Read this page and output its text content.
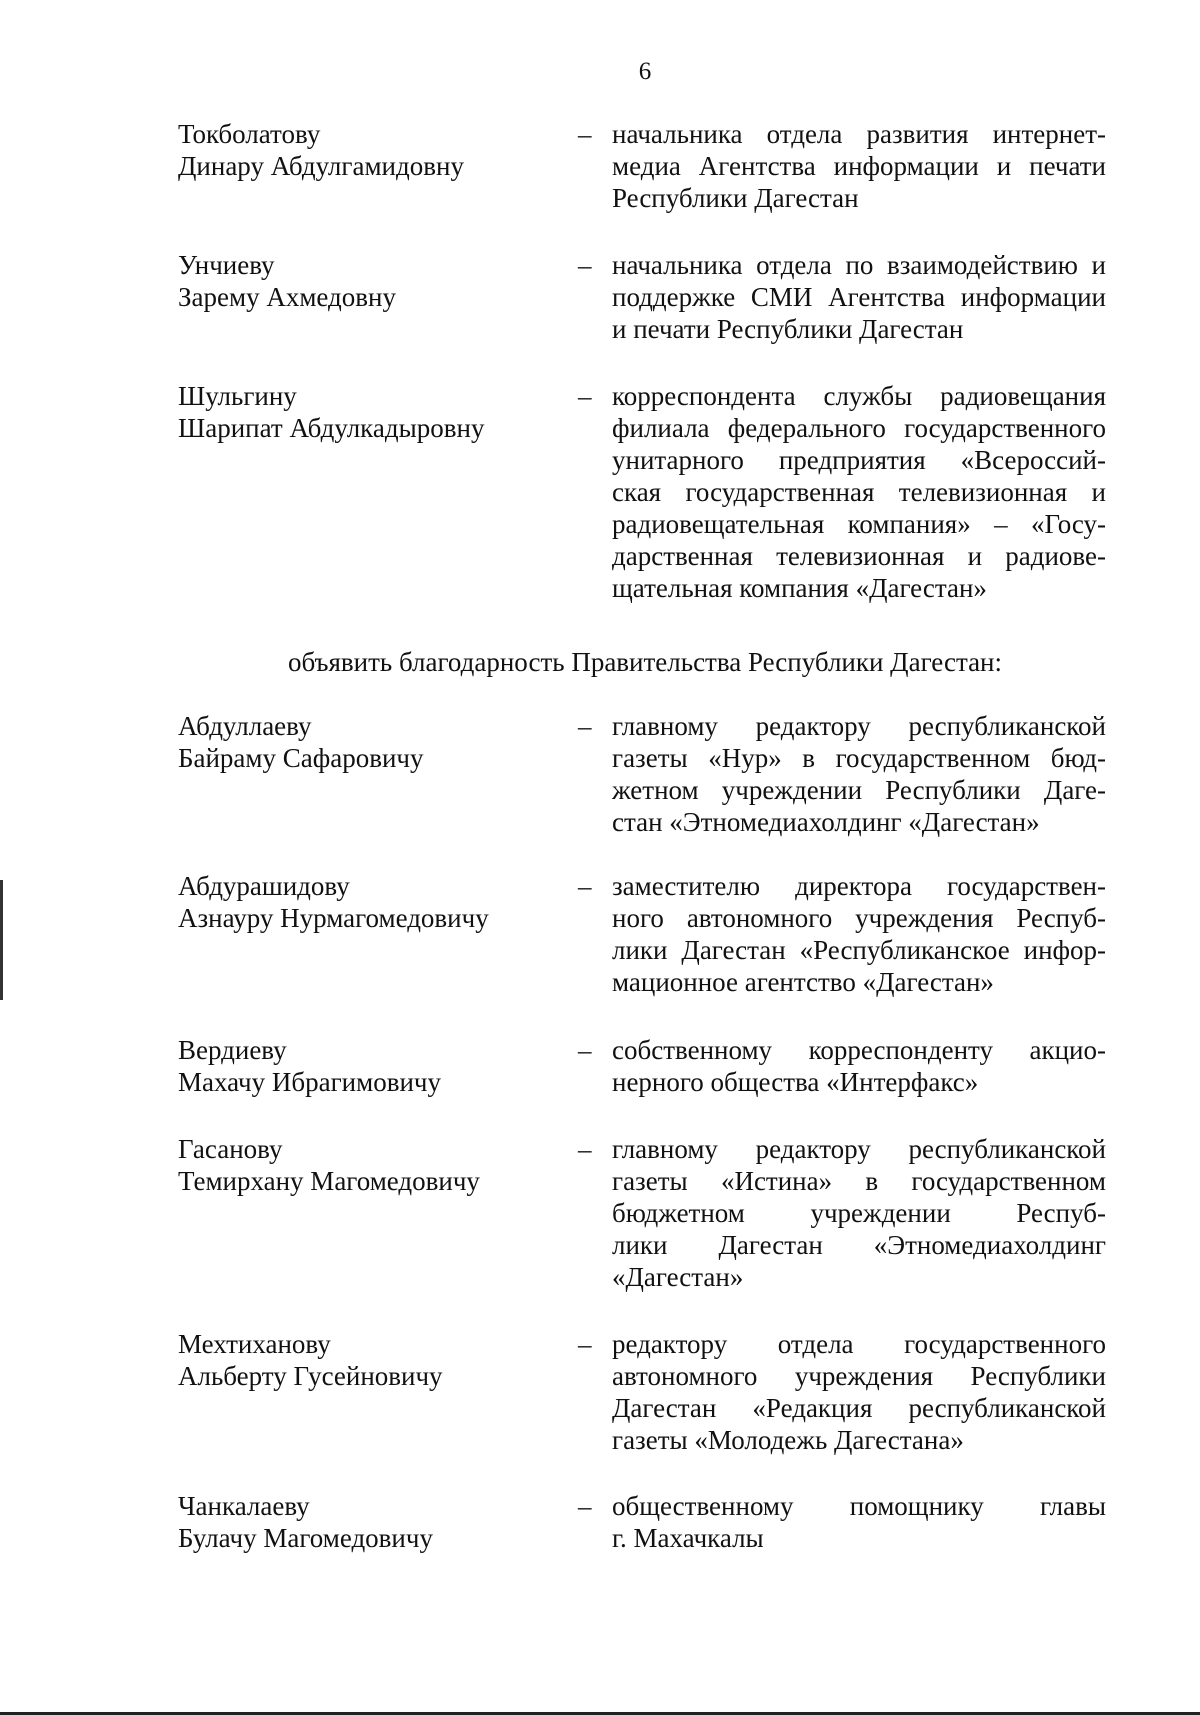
6
Токболатову
Динару Абдулгамидовну
– начальника отдела развития интернет-
медиа Агентства информации и печати
Республики Дагестан
Унчиеву
Зарему Ахмедовну
– начальника отдела по взаимодействию и
поддержке СМИ Агентства информации
и печати Республики Дагестан
Шульгину
Шарипат Абдулкадыровну
– корреспондента службы радиовещания
филиала федерального государственного
унитарного предприятия «Всероссий-
ская государственная телевизионная и
радиовещательная компания» – «Госу-
дарственная телевизионная и радиове-
щательная компания «Дагестан»
объявить благодарность Правительства Республики Дагестан:
Абдуллаеву
Байраму Сафаровичу
– главному редактору республиканской
газеты «Нур» в государственном бюд-
жетном учреждении Республики Даге-
стан «Этномедиахолдинг «Дагестан»
Абдурашидову
Азнауру Нурмагомедовичу
– заместителю директора государствен-
ного автономного учреждения Респуб-
лики Дагестан «Республиканское инфор-
мационное агентство «Дагестан»
Вердиеву
Махачу Ибрагимовичу
– собственному корреспонденту акцио-
нерного общества «Интерфакс»
Гасанову
Темирхану Магомедовичу
– главному редактору республиканской
газеты «Истина» в государственном
бюджетном учреждении Респуб-
лики Дагестан «Этномедиахолдинг
«Дагестан»
Мехтиханову
Альберту Гусейновичу
– редактору отдела государственного
автономного учреждения Республики
Дагестан «Редакция республиканской
газеты «Молодежь Дагестана»
Чанкалаеву
Булачу Магомедовичу
– общественному помощнику главы
г. Махачкалы
